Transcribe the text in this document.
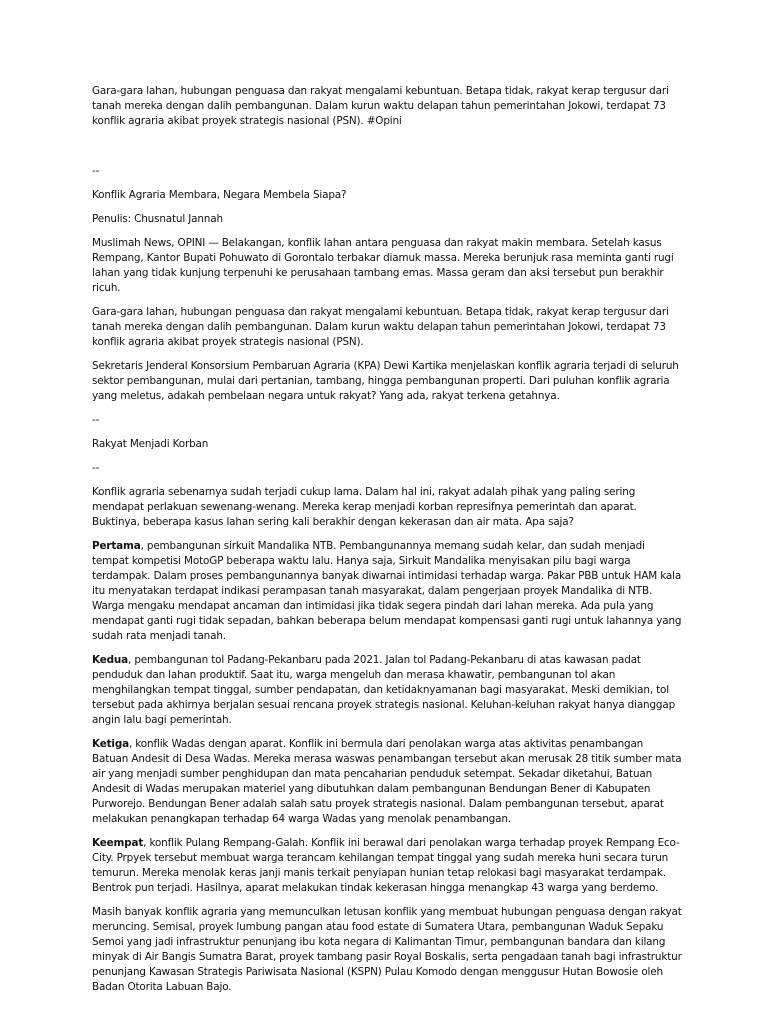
Gara-gara lahan, hubungan penguasa dan rakyat mengalami kebuntuan. Betapa tidak, rakyat kerap tergusur dari tanah mereka dengan dalih pembangunan. Dalam kurun waktu delapan tahun pemerintahan Jokowi, terdapat 73 konflik agraria akibat proyek strategis nasional (PSN). #Opini

--

Konflik Agraria Membara, Negara Membela Siapa?

Penulis: Chusnatul Jannah

Muslimah News, OPINI — Belakangan, konflik lahan antara penguasa dan rakyat makin membara. Setelah kasus Rempang, Kantor Bupati Pohuwato di Gorontalo terbakar diamuk massa. Mereka berunjuk rasa meminta ganti rugi lahan yang tidak kunjung terpenuhi ke perusahaan tambang emas. Massa geram dan aksi tersebut pun berakhir ricuh.

Gara-gara lahan, hubungan penguasa dan rakyat mengalami kebuntuan. Betapa tidak, rakyat kerap tergusur dari tanah mereka dengan dalih pembangunan. Dalam kurun waktu delapan tahun pemerintahan Jokowi, terdapat 73 konflik agraria akibat proyek strategis nasional (PSN).

Sekretaris Jenderal Konsorsium Pembaruan Agraria (KPA) Dewi Kartika menjelaskan konflik agraria terjadi di seluruh sektor pembangunan, mulai dari pertanian, tambang, hingga pembangunan properti. Dari puluhan konflik agraria yang meletus, adakah pembelaan negara untuk rakyat? Yang ada, rakyat terkena getahnya.

--

Rakyat Menjadi Korban

--

Konflik agraria sebenarnya sudah terjadi cukup lama. Dalam hal ini, rakyat adalah pihak yang paling sering mendapat perlakuan sewenang-wenang. Mereka kerap menjadi korban represifnya pemerintah dan aparat. Buktinya, beberapa kasus lahan sering kali berakhir dengan kekerasan dan air mata. Apa saja?

Pertama, pembangunan sirkuit Mandalika NTB. Pembangunannya memang sudah kelar, dan sudah menjadi tempat kompetisi MotoGP beberapa waktu lalu. Hanya saja, Sirkuit Mandalika menyisakan pilu bagi warga terdampak. Dalam proses pembangunannya banyak diwarnai intimidasi terhadap warga. Pakar PBB untuk HAM kala itu menyatakan terdapat indikasi perampasan tanah masyarakat, dalam pengerjaan proyek Mandalika di NTB. Warga mengaku mendapat ancaman dan intimidasi jika tidak segera pindah dari lahan mereka. Ada pula yang mendapat ganti rugi tidak sepadan, bahkan beberapa belum mendapat kompensasi ganti rugi untuk lahannya yang sudah rata menjadi tanah.

Kedua, pembangunan tol Padang-Pekanbaru pada 2021. Jalan tol Padang-Pekanbaru di atas kawasan padat penduduk dan lahan produktif. Saat itu, warga mengeluh dan merasa khawatir, pembangunan tol akan menghilangkan tempat tinggal, sumber pendapatan, dan ketidaknyamanan bagi masyarakat. Meski demikian, tol tersebut pada akhirnya berjalan sesuai rencana proyek strategis nasional. Keluhan-keluhan rakyat hanya dianggap angin lalu bagi pemerintah.

Ketiga, konflik Wadas dengan aparat. Konflik ini bermula dari penolakan warga atas aktivitas penambangan Batuan Andesit di Desa Wadas. Mereka merasa waswas penambangan tersebut akan merusak 28 titik sumber mata air yang menjadi sumber penghidupan dan mata pencaharian penduduk setempat. Sekadar diketahui, Batuan Andesit di Wadas merupakan materiel yang dibutuhkan dalam pembangunan Bendungan Bener di Kabupaten Purworejo. Bendungan Bener adalah salah satu proyek strategis nasional. Dalam pembangunan tersebut, aparat melakukan penangkapan terhadap 64 warga Wadas yang menolak penambangan.

Keempat, konflik Pulang Rempang-Galah. Konflik ini berawal dari penolakan warga terhadap proyek Rempang Eco-City. Prpyek tersebut membuat warga terancam kehilangan tempat tinggal yang sudah mereka huni secara turun temurun. Mereka menolak keras janji manis terkait penyiapan hunian tetap relokasi bagi masyarakat terdampak. Bentrok pun terjadi. Hasilnya, aparat melakukan tindak kekerasan hingga menangkap 43 warga yang berdemo.

Masih banyak konflik agraria yang memunculkan letusan konflik yang membuat hubungan penguasa dengan rakyat meruncing. Semisal, proyek lumbung pangan atau food estate di Sumatera Utara, pembangunan Waduk Sepaku Semoi yang jadi infrastruktur penunjang ibu kota negara di Kalimantan Timur, pembangunan bandara dan kilang minyak di Air Bangis Sumatra Barat, proyek tambang pasir Royal Boskalis, serta pengadaan tanah bagi infrastruktur penunjang Kawasan Strategis Pariwisata Nasional (KSPN) Pulau Komodo dengan menggusur Hutan Bowosie oleh Badan Otorita Labuan Bajo.
